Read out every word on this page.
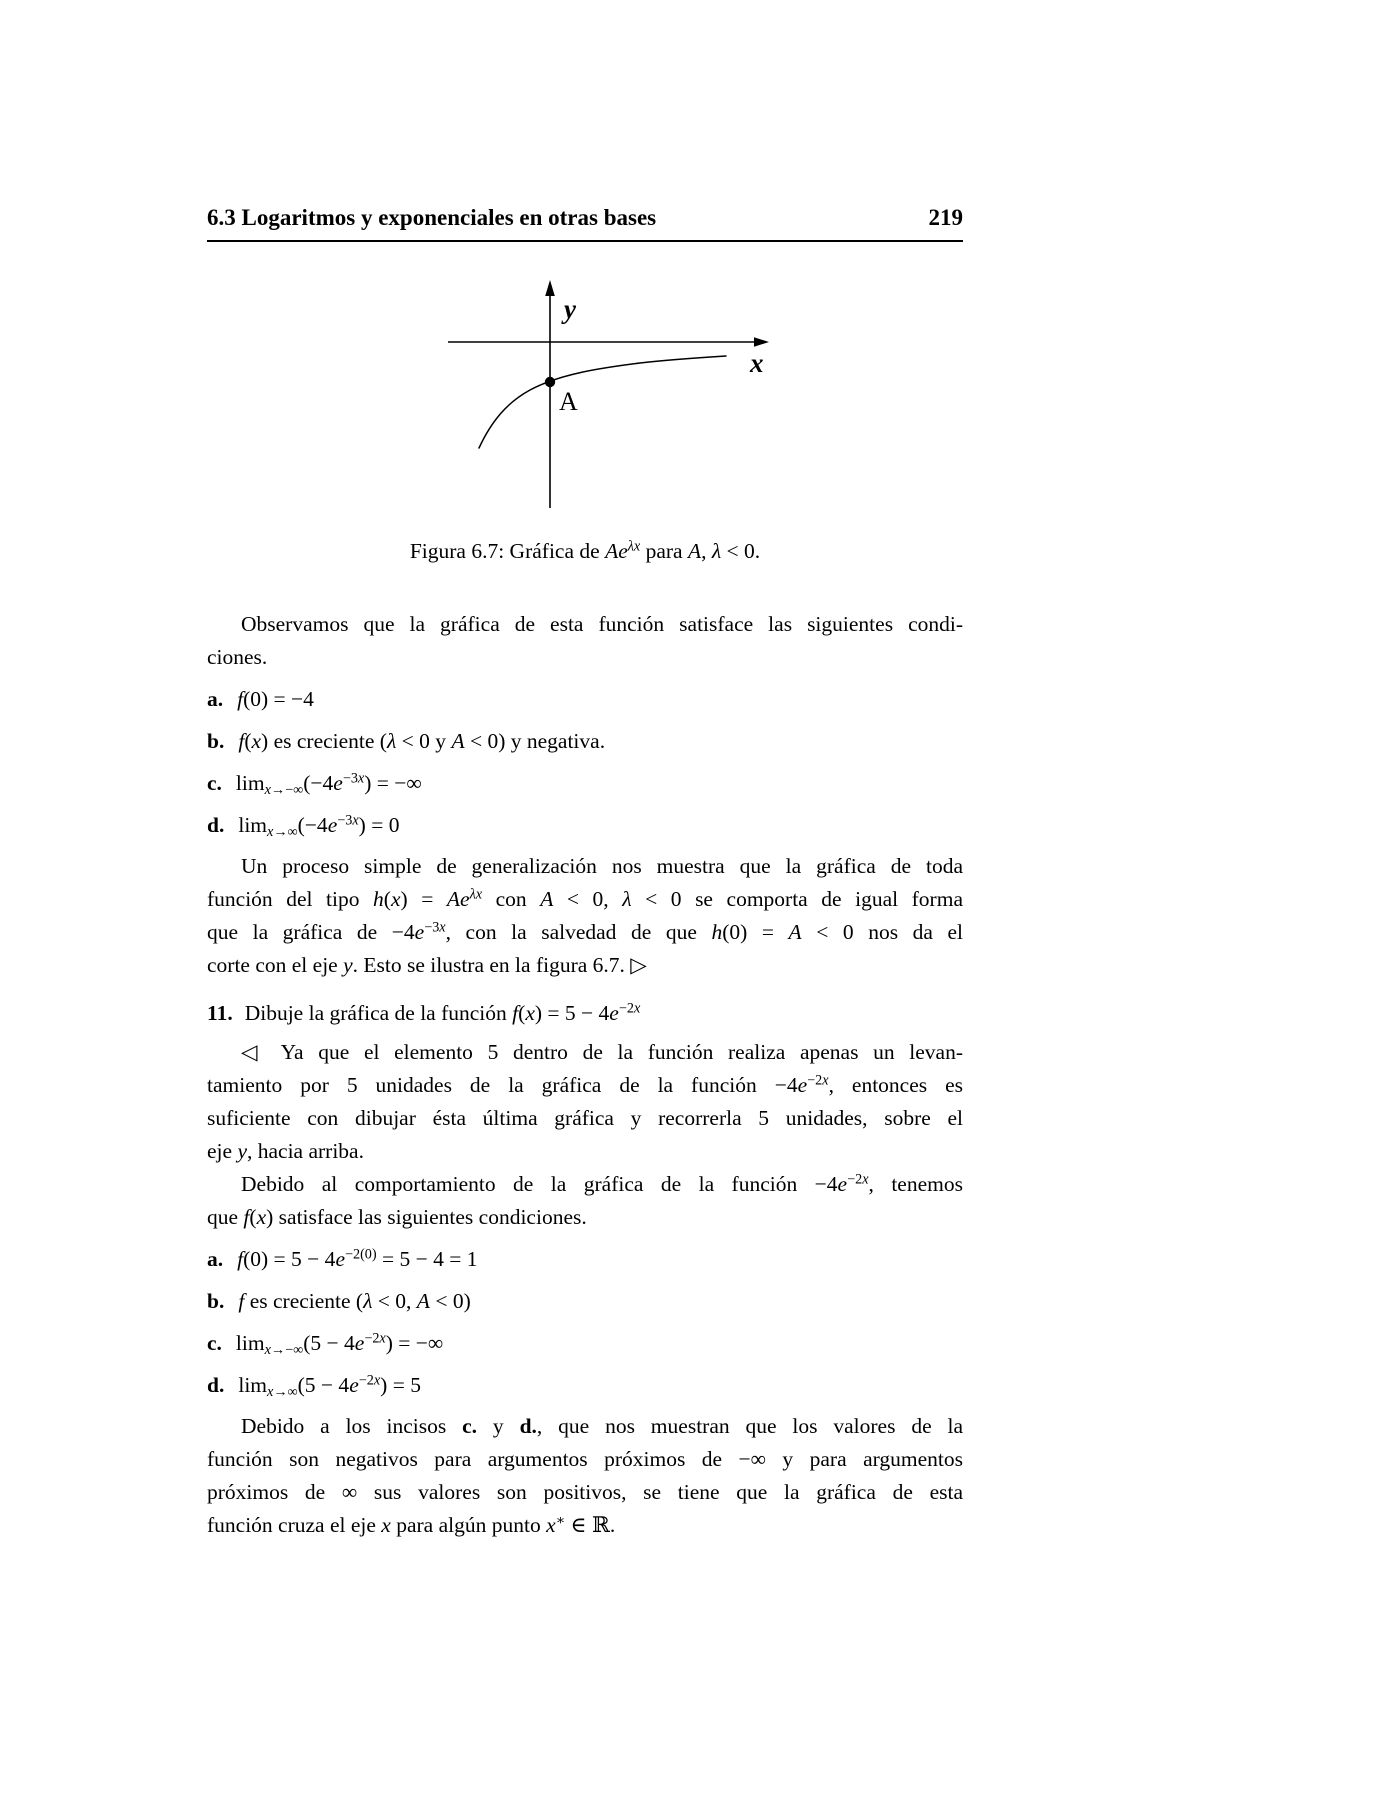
6.3 Logaritmos y exponenciales en otras bases	219
y
x
A
Figura 6.7: Gráfica de $Ae^{\lambda x}$ para A, λ < 0.
Observamos que la gráfica de esta función satisface las siguientes condi-
ciones.
a. f(0) = −4
b. f(x) es creciente (λ < 0 y A < 0) y negativa.
c. $\lim_{x\to-\infty}(-4e^{-3x})$ = −∞
d. $\lim_{x\to\infty}(-4e^{-3x}) = 0$
Un proceso simple de generalización nos muestra que la gráfica de toda
función del tipo $h(x) = Ae^{\lambda x}$ con A < 0, λ < 0 se comporta de igual forma
que la gráfica de $-4e^{-3x}$, con la salvedad de que h(0) = A < 0 nos da el
corte con el eje y. Esto se ilustra en la figura 6.7. ▷
11. Dibuje la gráfica de la función $f(x) = 5 - 4e^{-2x}$
◁ Ya que el elemento 5 dentro de la función realiza apenas un levan-
tamiento por 5 unidades de la gráfica de la función $-4e^{-2x}$, entonces es
suficiente con dibujar ésta última gráfica y recorrerla 5 unidades, sobre el
eje y, hacia arriba.
Debido al comportamiento de la gráfica de la función $-4e^{-2x}$, tenemos
que f(x) satisface las siguientes condiciones.
a. $f(0) = 5 - 4e^{-2(0)} = 5 - 4 = 1$
b. f es creciente (λ < 0, A < 0)
c. $\lim_{x\to-\infty}(5 - 4e^{-2x})$ = −∞
d. $\lim_{x\to\infty}(5 - 4e^{-2x}) = 5$
Debido a los incisos c. y d., que nos muestran que los valores de la
función son negativos para argumentos próximos de −∞ y para argumentos
próximos de ∞ sus valores son positivos, se tiene que la gráfica de esta
función cruza el eje x para algún punto x∗ ∈ ℝ.
